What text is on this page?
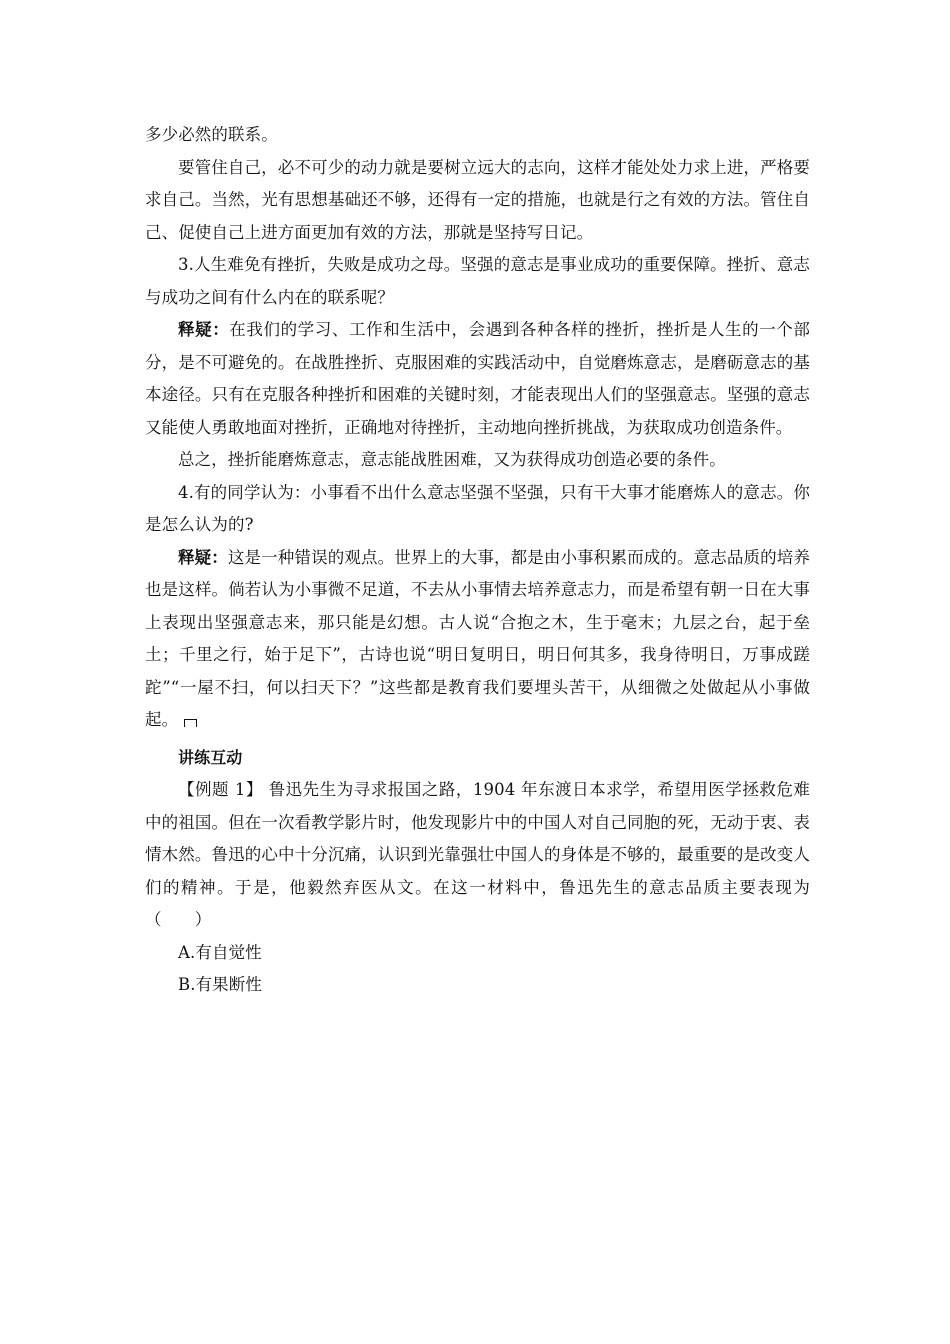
多少必然的联系。

要管住自己，必不可少的动力就是要树立远大的志向，这样才能处处力求上进，严格要求自己。当然，光有思想基础还不够，还得有一定的措施，也就是行之有效的方法。管住自己、促使自己上进方面更加有效的方法，那就是坚持写日记。

3.人生难免有挫折，失败是成功之母。坚强的意志是事业成功的重要保障。挫折、意志与成功之间有什么内在的联系呢？

释疑：在我们的学习、工作和生活中，会遇到各种各样的挫折，挫折是人生的一个部分，是不可避免的。在战胜挫折、克服困难的实践活动中，自觉磨炼意志，是磨砺意志的基本途径。只有在克服各种挫折和困难的关键时刻，才能表现出人们的坚强意志。坚强的意志又能使人勇敢地面对挫折，正确地对待挫折，主动地向挫折挑战，为获取成功创造条件。

总之，挫折能磨炼意志，意志能战胜困难，又为获得成功创造必要的条件。

4.有的同学认为：小事看不出什么意志坚强不坚强，只有干大事才能磨炼人的意志。你是怎么认为的?

释疑：这是一种错误的观点。世界上的大事，都是由小事积累而成的。意志品质的培养也是这样。倘若认为小事微不足道，不去从小事情去培养意志力，而是希望有朝一日在大事上表现出坚强意志来，那只能是幻想。古人说“合抱之木，生于毫末；九层之台，起于垒土；千里之行，始于足下”，古诗也说“明日复明日，明日何其多，我身待明日，万事成蹉跎”“一屋不扫，何以扫天下？”这些都是教育我们要埋头苦干，从细微之处做起从小事做起。

讲练互动

【例题 1】 鲁迅先生为寻求报国之路，1904 年东渡日本求学，希望用医学拯救危难中的祖国。但在一次看教学影片时，他发现影片中的中国人对自己同胞的死，无动于衷、表情木然。鲁迅的心中十分沉痛，认识到光靠强壮中国人的身体是不够的，最重要的是改变人们的精神。于是，他毅然弃医从文。在这一材料中，鲁迅先生的意志品质主要表现为（　　）

A.有自觉性

B.有果断性
